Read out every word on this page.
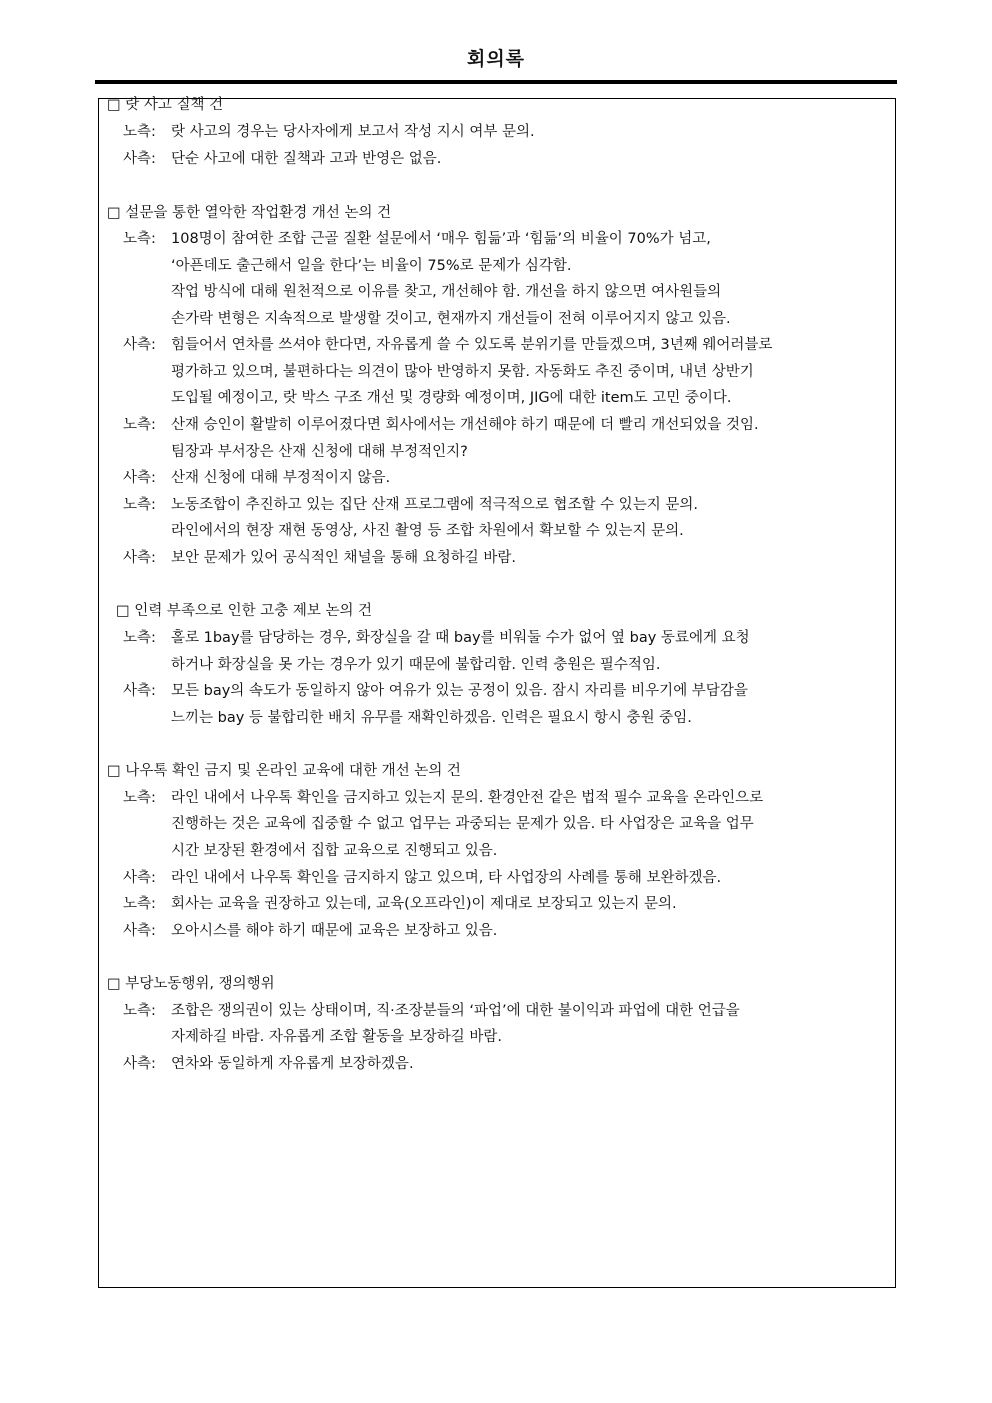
회의록
□ 랏 사고 질책 건
노측: 랏 사고의 경우는 당사자에게 보고서 작성 지시 여부 문의.
사측: 단순 사고에 대한 질책과 고과 반영은 없음.
□ 설문을 통한 열악한 작업환경 개선 논의 건
노측: 108명이 참여한 조합 근골 질환 설문에서 ‘매우 힘듦’과 ‘힘듦’의 비율이 70%가 넘고,
‘아픈데도 출근해서 일을 한다’는 비율이 75%로 문제가 심각함.
작업 방식에 대해 원천적으로 이유를 찾고, 개선해야 함. 개선을 하지 않으면 여사원들의
손가락 변형은 지속적으로 발생할 것이고, 현재까지 개선들이 전혀 이루어지지 않고 있음.
사측: 힘들어서 연차를 쓰셔야 한다면, 자유롭게 쓸 수 있도록 분위기를 만들겠으며, 3년째 웨어러블로
평가하고 있으며, 불편하다는 의견이 많아 반영하지 못함. 자동화도 추진 중이며, 내년 상반기
도입될 예정이고, 랏 박스 구조 개선 및 경량화 예정이며, JIG에 대한 item도 고민 중이다.
노측: 산재 승인이 활발히 이루어졌다면 회사에서는 개선해야 하기 때문에 더 빨리 개선되었을 것임.
팀장과 부서장은 산재 신청에 대해 부정적인지?
사측: 산재 신청에 대해 부정적이지 않음.
노측: 노동조합이 추진하고 있는 집단 산재 프로그램에 적극적으로 협조할 수 있는지 문의.
라인에서의 현장 재현 동영상, 사진 촬영 등 조합 차원에서 확보할 수 있는지 문의.
사측: 보안 문제가 있어 공식적인 채널을 통해 요청하길 바람.
□ 인력 부족으로 인한 고충 제보 논의 건
노측: 홀로 1bay를 담당하는 경우, 화장실을 갈 때 bay를 비워둘 수가 없어 옆 bay 동료에게 요청
하거나 화장실을 못 가는 경우가 있기 때문에 불합리함. 인력 충원은 필수적임.
사측: 모든 bay의 속도가 동일하지 않아 여유가 있는 공정이 있음. 잠시 자리를 비우기에 부담감을
느끼는 bay 등 불합리한 배치 유무를 재확인하겠음. 인력은 필요시 항시 충원 중임.
□ 나우톡 확인 금지 및 온라인 교육에 대한 개선 논의 건
노측: 라인 내에서 나우톡 확인을 금지하고 있는지 문의. 환경안전 같은 법적 필수 교육을 온라인으로
진행하는 것은 교육에 집중할 수 없고 업무는 과중되는 문제가 있음. 타 사업장은 교육을 업무
시간 보장된 환경에서 집합 교육으로 진행되고 있음.
사측: 라인 내에서 나우톡 확인을 금지하지 않고 있으며, 타 사업장의 사례를 통해 보완하겠음.
노측: 회사는 교육을 권장하고 있는데, 교육(오프라인)이 제대로 보장되고 있는지 문의.
사측: 오아시스를 해야 하기 때문에 교육은 보장하고 있음.
□ 부당노동행위, 쟁의행위
노측: 조합은 쟁의권이 있는 상태이며, 직·조장분들의 ‘파업’에 대한 불이익과 파업에 대한 언급을
자제하길 바람. 자유롭게 조합 활동을 보장하길 바람.
사측: 연차와 동일하게 자유롭게 보장하겠음.
